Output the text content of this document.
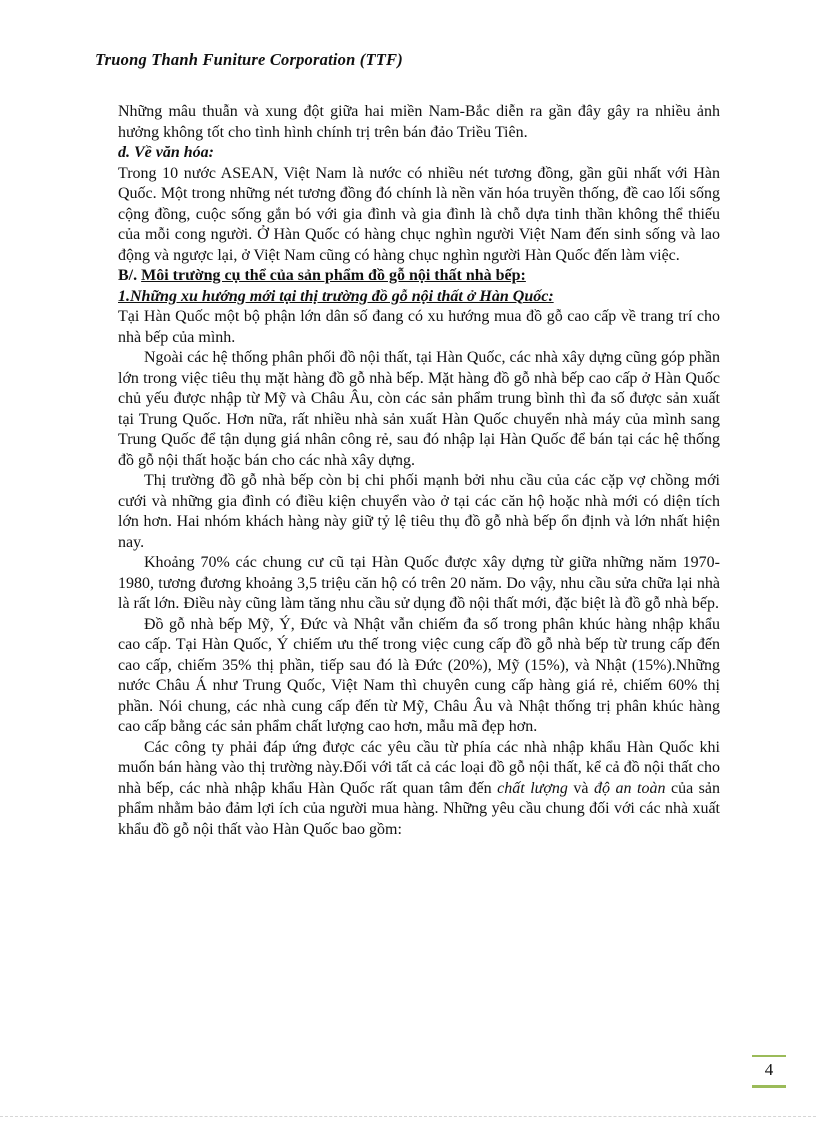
Truong Thanh Funiture Corporation (TTF)

Những mâu thuẫn và xung đột giữa hai miền Nam-Bắc diễn ra gần đây gây ra nhiều ảnh hưởng không tốt cho tình hình chính trị trên bán đảo Triều Tiên.

d. Về văn hóa:

Trong 10 nước ASEAN, Việt Nam là nước có nhiều nét tương đồng, gần gũi nhất với Hàn Quốc. Một trong những nét tương đồng đó chính là nền văn hóa truyền thống, đề cao lối sống cộng đồng, cuộc sống gắn bó với gia đình và gia đình là chỗ dựa tinh thần không thể thiếu của mỗi cong người. Ở Hàn Quốc có hàng chục nghìn người Việt Nam đến sinh sống và lao động và ngược lại, ở Việt Nam cũng có hàng chục nghìn người Hàn Quốc đến làm việc.

B/. Môi trường cụ thể của sản phẩm đồ gỗ nội thất nhà bếp:

1.Những xu hướng mới tại thị trường đồ gỗ nội thất ở Hàn Quốc:

Tại Hàn Quốc một bộ phận lớn dân số đang có xu hướng mua đồ gỗ cao cấp về trang trí cho nhà bếp của mình.

Ngoài các hệ thống phân phối đồ nội thất, tại Hàn Quốc, các nhà xây dựng cũng góp phần lớn trong việc tiêu thụ mặt hàng đồ gỗ nhà bếp. Mặt hàng đồ gỗ nhà bếp cao cấp ở Hàn Quốc chủ yếu được nhập từ Mỹ và Châu Âu, còn các sản phẩm trung bình thì đa số được sản xuất tại Trung Quốc. Hơn nữa, rất nhiều nhà sản xuất Hàn Quốc chuyển nhà máy của mình sang Trung Quốc để tận dụng giá nhân công rẻ, sau đó nhập lại Hàn Quốc để bán tại các hệ thống đồ gỗ nội thất hoặc bán cho các nhà xây dựng.

Thị trường đồ gỗ nhà bếp còn bị chi phối mạnh bởi nhu cầu của các cặp vợ chồng mới cưới và những gia đình có điều kiện chuyển vào ở tại các căn hộ hoặc nhà mới có diện tích lớn hơn. Hai nhóm khách hàng này giữ tỷ lệ tiêu thụ đồ gỗ nhà bếp ổn định và lớn nhất hiện nay.

Khoảng 70% các chung cư cũ tại Hàn Quốc được xây dựng từ giữa những năm 1970-1980, tương đương khoảng 3,5 triệu căn hộ có trên 20 năm. Do vậy, nhu cầu sửa chữa lại nhà là rất lớn. Điều này cũng làm tăng nhu cầu sử dụng đồ nội thất mới, đặc biệt là đồ gỗ nhà bếp.

Đồ gỗ nhà bếp Mỹ, Ý, Đức và Nhật vẫn chiếm đa số trong phân khúc hàng nhập khẩu cao cấp. Tại Hàn Quốc, Ý chiếm ưu thế trong việc cung cấp đồ gỗ nhà bếp từ trung cấp đến cao cấp, chiếm 35% thị phần, tiếp sau đó là Đức (20%), Mỹ (15%), và Nhật (15%).Những nước Châu Á như Trung Quốc, Việt Nam thì chuyên cung cấp hàng giá rẻ, chiếm 60% thị phần. Nói chung, các nhà cung cấp đến từ Mỹ, Châu Âu và Nhật thống trị phân khúc hàng cao cấp bằng các sản phẩm chất lượng cao hơn, mẫu mã đẹp hơn.

Các công ty phải đáp ứng được các yêu cầu từ phía các nhà nhập khẩu Hàn Quốc khi muốn bán hàng vào thị trường này.Đối với tất cả các loại đồ gỗ nội thất, kể cả đồ nội thất cho nhà bếp, các nhà nhập khẩu Hàn Quốc rất quan tâm đến chất lượng và độ an toàn của sản phẩm nhằm bảo đảm lợi ích của người mua hàng. Những yêu cầu chung đối với các nhà xuất khẩu đồ gỗ nội thất vào Hàn Quốc bao gồm:

4
